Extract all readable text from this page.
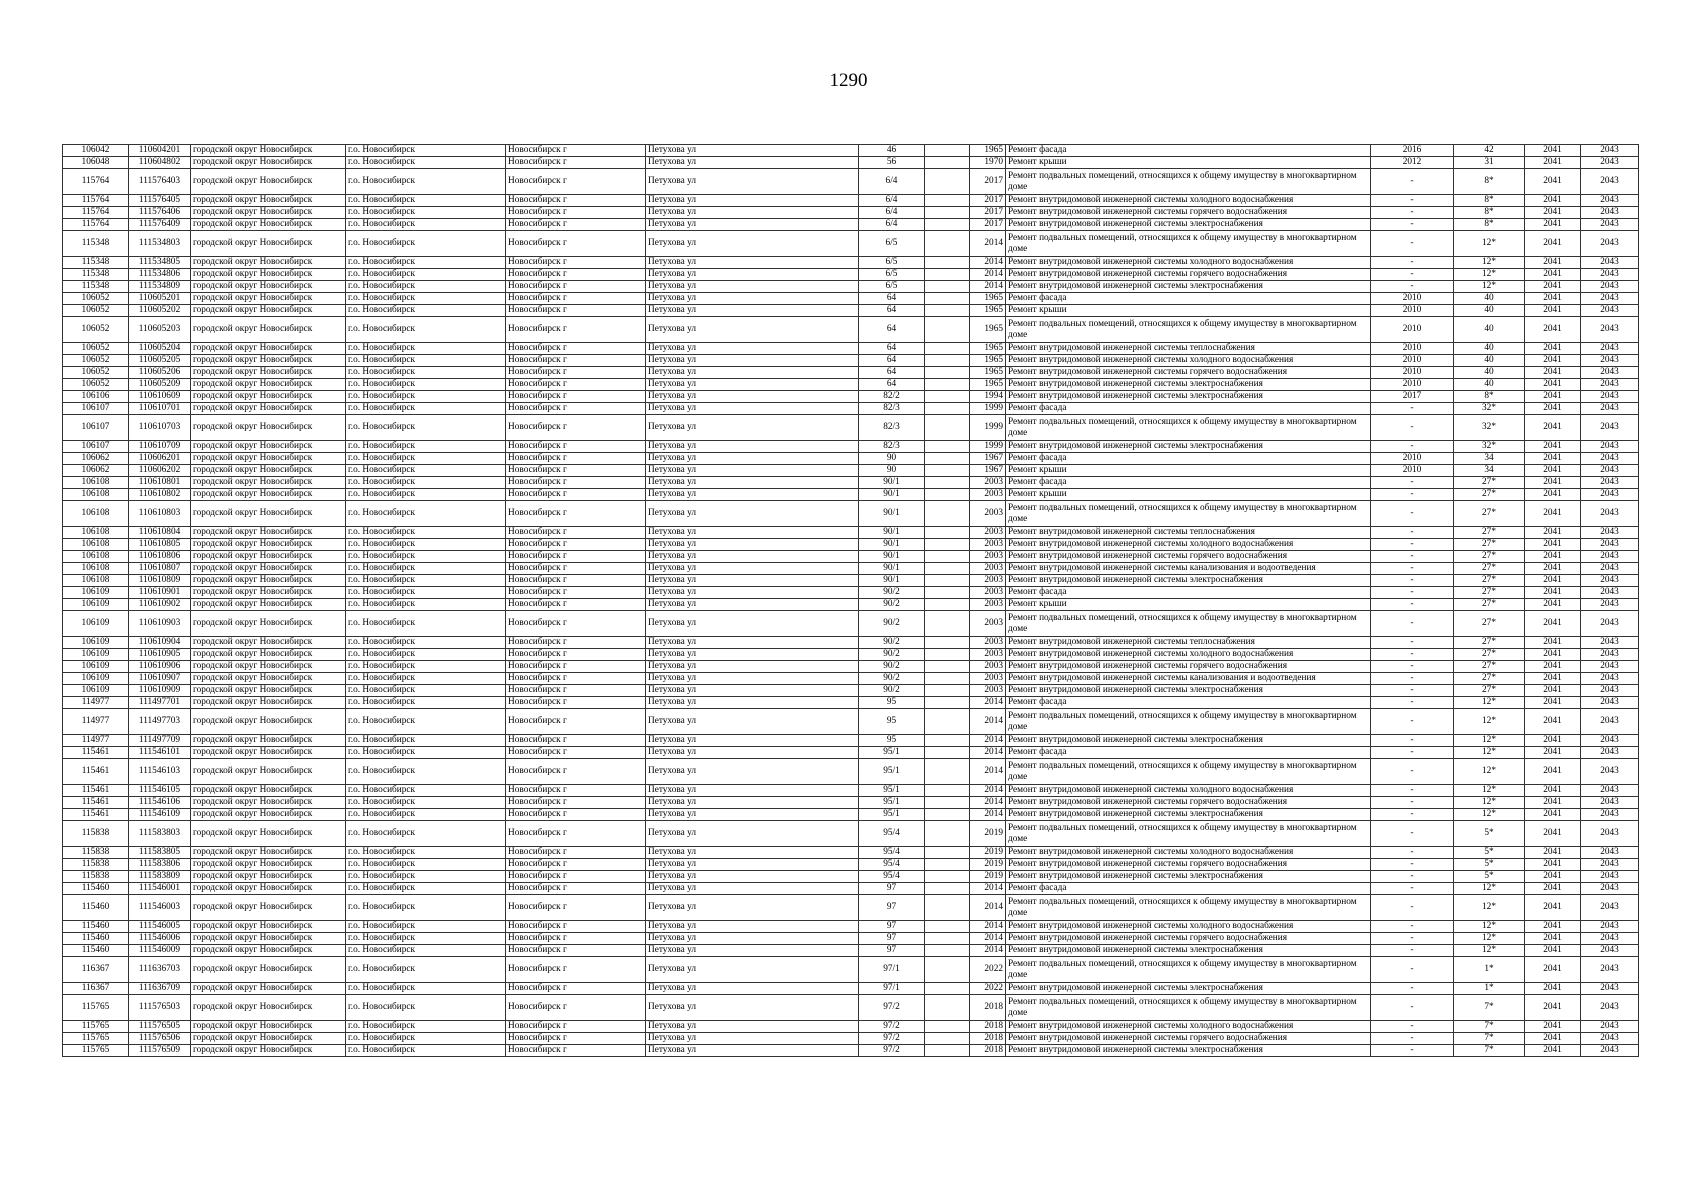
1290
106042	110604201	городской округ Новосибирск	г.о. Новосибирск	Новосибирск г	Петухова ул	46		1965	Ремонт фасада	2016	42	2041	2043
106048	110604802	городской округ Новосибирск	г.о. Новосибирск	Новосибирск г	Петухова ул	56		1970	Ремонт крыши	2012	31	2041	2043
115764	111576403	городской округ Новосибирск	г.о. Новосибирск	Новосибирск г	Петухова ул	6/4		2017	Ремонт подвальных помещений, относящихся к общему имуществу в многоквартирном доме	-	8*	2041	2043
115764	111576405	городской округ Новосибирск	г.о. Новосибирск	Новосибирск г	Петухова ул	6/4		2017	Ремонт внутридомовой инженерной системы холодного водоснабжения	-	8*	2041	2043
115764	111576406	городской округ Новосибирск	г.о. Новосибирск	Новосибирск г	Петухова ул	6/4		2017	Ремонт внутридомовой инженерной системы горячего водоснабжения	-	8*	2041	2043
115764	111576409	городской округ Новосибирск	г.о. Новосибирск	Новосибирск г	Петухова ул	6/4		2017	Ремонт внутридомовой инженерной системы электроснабжения	-	8*	2041	2043
115348	111534803	городской округ Новосибирск	г.о. Новосибирск	Новосибирск г	Петухова ул	6/5		2014	Ремонт подвальных помещений, относящихся к общему имуществу в многоквартирном доме	-	12*	2041	2043
115348	111534805	городской округ Новосибирск	г.о. Новосибирск	Новосибирск г	Петухова ул	6/5		2014	Ремонт внутридомовой инженерной системы холодного водоснабжения	-	12*	2041	2043
115348	111534806	городской округ Новосибирск	г.о. Новосибирск	Новосибирск г	Петухова ул	6/5		2014	Ремонт внутридомовой инженерной системы горячего водоснабжения	-	12*	2041	2043
115348	111534809	городской округ Новосибирск	г.о. Новосибирск	Новосибирск г	Петухова ул	6/5		2014	Ремонт внутридомовой инженерной системы электроснабжения	-	12*	2041	2043
106052	110605201	городской округ Новосибирск	г.о. Новосибирск	Новосибирск г	Петухова ул	64		1965	Ремонт фасада	2010	40	2041	2043
106052	110605202	городской округ Новосибирск	г.о. Новосибирск	Новосибирск г	Петухова ул	64		1965	Ремонт крыши	2010	40	2041	2043
106052	110605203	городской округ Новосибирск	г.о. Новосибирск	Новосибирск г	Петухова ул	64		1965	Ремонт подвальных помещений, относящихся к общему имуществу в многоквартирном доме	2010	40	2041	2043
106052	110605204	городской округ Новосибирск	г.о. Новосибирск	Новосибирск г	Петухова ул	64		1965	Ремонт внутридомовой инженерной системы теплоснабжения	2010	40	2041	2043
106052	110605205	городской округ Новосибирск	г.о. Новосибирск	Новосибирск г	Петухова ул	64		1965	Ремонт внутридомовой инженерной системы холодного водоснабжения	2010	40	2041	2043
106052	110605206	городской округ Новосибирск	г.о. Новосибирск	Новосибирск г	Петухова ул	64		1965	Ремонт внутридомовой инженерной системы горячего водоснабжения	2010	40	2041	2043
106052	110605209	городской округ Новосибирск	г.о. Новосибирск	Новосибирск г	Петухова ул	64		1965	Ремонт внутридомовой инженерной системы электроснабжения	2010	40	2041	2043
106106	110610609	городской округ Новосибирск	г.о. Новосибирск	Новосибирск г	Петухова ул	82/2		1994	Ремонт внутридомовой инженерной системы электроснабжения	2017	8*	2041	2043
106107	110610701	городской округ Новосибирск	г.о. Новосибирск	Новосибирск г	Петухова ул	82/3		1999	Ремонт фасада	-	32*	2041	2043
106107	110610703	городской округ Новосибирск	г.о. Новосибирск	Новосибирск г	Петухова ул	82/3		1999	Ремонт подвальных помещений, относящихся к общему имуществу в многоквартирном доме	-	32*	2041	2043
106107	110610709	городской округ Новосибирск	г.о. Новосибирск	Новосибирск г	Петухова ул	82/3		1999	Ремонт внутридомовой инженерной системы электроснабжения	-	32*	2041	2043
106062	110606201	городской округ Новосибирск	г.о. Новосибирск	Новосибирск г	Петухова ул	90		1967	Ремонт фасада	2010	34	2041	2043
106062	110606202	городской округ Новосибирск	г.о. Новосибирск	Новосибирск г	Петухова ул	90		1967	Ремонт крыши	2010	34	2041	2043
106108	110610801	городской округ Новосибирск	г.о. Новосибирск	Новосибирск г	Петухова ул	90/1		2003	Ремонт фасада	-	27*	2041	2043
106108	110610802	городской округ Новосибирск	г.о. Новосибирск	Новосибирск г	Петухова ул	90/1		2003	Ремонт крыши	-	27*	2041	2043
106108	110610803	городской округ Новосибирск	г.о. Новосибирск	Новосибирск г	Петухова ул	90/1		2003	Ремонт подвальных помещений, относящихся к общему имуществу в многоквартирном доме	-	27*	2041	2043
106108	110610804	городской округ Новосибирск	г.о. Новосибирск	Новосибирск г	Петухова ул	90/1		2003	Ремонт внутридомовой инженерной системы теплоснабжения	-	27*	2041	2043
106108	110610805	городской округ Новосибирск	г.о. Новосибирск	Новосибирск г	Петухова ул	90/1		2003	Ремонт внутридомовой инженерной системы холодного водоснабжения	-	27*	2041	2043
106108	110610806	городской округ Новосибирск	г.о. Новосибирск	Новосибирск г	Петухова ул	90/1		2003	Ремонт внутридомовой инженерной системы горячего водоснабжения	-	27*	2041	2043
106108	110610807	городской округ Новосибирск	г.о. Новосибирск	Новосибирск г	Петухова ул	90/1		2003	Ремонт внутридомовой инженерной системы канализования и водоотведения	-	27*	2041	2043
106108	110610809	городской округ Новосибирск	г.о. Новосибирск	Новосибирск г	Петухова ул	90/1		2003	Ремонт внутридомовой инженерной системы электроснабжения	-	27*	2041	2043
106109	110610901	городской округ Новосибирск	г.о. Новосибирск	Новосибирск г	Петухова ул	90/2		2003	Ремонт фасада	-	27*	2041	2043
106109	110610902	городской округ Новосибирск	г.о. Новосибирск	Новосибирск г	Петухова ул	90/2		2003	Ремонт крыши	-	27*	2041	2043
106109	110610903	городской округ Новосибирск	г.о. Новосибирск	Новосибирск г	Петухова ул	90/2		2003	Ремонт подвальных помещений, относящихся к общему имуществу в многоквартирном доме	-	27*	2041	2043
106109	110610904	городской округ Новосибирск	г.о. Новосибирск	Новосибирск г	Петухова ул	90/2		2003	Ремонт внутридомовой инженерной системы теплоснабжения	-	27*	2041	2043
106109	110610905	городской округ Новосибирск	г.о. Новосибирск	Новосибирск г	Петухова ул	90/2		2003	Ремонт внутридомовой инженерной системы холодного водоснабжения	-	27*	2041	2043
106109	110610906	городской округ Новосибирск	г.о. Новосибирск	Новосибирск г	Петухова ул	90/2		2003	Ремонт внутридомовой инженерной системы горячего водоснабжения	-	27*	2041	2043
106109	110610907	городской округ Новосибирск	г.о. Новосибирск	Новосибирск г	Петухова ул	90/2		2003	Ремонт внутридомовой инженерной системы канализования и водоотведения	-	27*	2041	2043
106109	110610909	городской округ Новосибирск	г.о. Новосибирск	Новосибирск г	Петухова ул	90/2		2003	Ремонт внутридомовой инженерной системы электроснабжения	-	27*	2041	2043
114977	111497701	городской округ Новосибирск	г.о. Новосибирск	Новосибирск г	Петухова ул	95		2014	Ремонт фасада	-	12*	2041	2043
114977	111497703	городской округ Новосибирск	г.о. Новосибирск	Новосибирск г	Петухова ул	95		2014	Ремонт подвальных помещений, относящихся к общему имуществу в многоквартирном доме	-	12*	2041	2043
114977	111497709	городской округ Новосибирск	г.о. Новосибирск	Новосибирск г	Петухова ул	95		2014	Ремонт внутридомовой инженерной системы электроснабжения	-	12*	2041	2043
115461	111546101	городской округ Новосибирск	г.о. Новосибирск	Новосибирск г	Петухова ул	95/1		2014	Ремонт фасада	-	12*	2041	2043
115461	111546103	городской округ Новосибирск	г.о. Новосибирск	Новосибирск г	Петухова ул	95/1		2014	Ремонт подвальных помещений, относящихся к общему имуществу в многоквартирном доме	-	12*	2041	2043
115461	111546105	городской округ Новосибирск	г.о. Новосибирск	Новосибирск г	Петухова ул	95/1		2014	Ремонт внутридомовой инженерной системы холодного водоснабжения	-	12*	2041	2043
115461	111546106	городской округ Новосибирск	г.о. Новосибирск	Новосибирск г	Петухова ул	95/1		2014	Ремонт внутридомовой инженерной системы горячего водоснабжения	-	12*	2041	2043
115461	111546109	городской округ Новосибирск	г.о. Новосибирск	Новосибирск г	Петухова ул	95/1		2014	Ремонт внутридомовой инженерной системы электроснабжения	-	12*	2041	2043
115838	111583803	городской округ Новосибирск	г.о. Новосибирск	Новосибирск г	Петухова ул	95/4		2019	Ремонт подвальных помещений, относящихся к общему имуществу в многоквартирном доме	-	5*	2041	2043
115838	111583805	городской округ Новосибирск	г.о. Новосибирск	Новосибирск г	Петухова ул	95/4		2019	Ремонт внутридомовой инженерной системы холодного водоснабжения	-	5*	2041	2043
115838	111583806	городской округ Новосибирск	г.о. Новосибирск	Новосибирск г	Петухова ул	95/4		2019	Ремонт внутридомовой инженерной системы горячего водоснабжения	-	5*	2041	2043
115838	111583809	городской округ Новосибирск	г.о. Новосибирск	Новосибирск г	Петухова ул	95/4		2019	Ремонт внутридомовой инженерной системы электроснабжения	-	5*	2041	2043
115460	111546001	городской округ Новосибирск	г.о. Новосибирск	Новосибирск г	Петухова ул	97		2014	Ремонт фасада	-	12*	2041	2043
115460	111546003	городской округ Новосибирск	г.о. Новосибирск	Новосибирск г	Петухова ул	97		2014	Ремонт подвальных помещений, относящихся к общему имуществу в многоквартирном доме	-	12*	2041	2043
115460	111546005	городской округ Новосибирск	г.о. Новосибирск	Новосибирск г	Петухова ул	97		2014	Ремонт внутридомовой инженерной системы холодного водоснабжения	-	12*	2041	2043
115460	111546006	городской округ Новосибирск	г.о. Новосибирск	Новосибирск г	Петухова ул	97		2014	Ремонт внутридомовой инженерной системы горячего водоснабжения	-	12*	2041	2043
115460	111546009	городской округ Новосибирск	г.о. Новосибирск	Новосибирск г	Петухова ул	97		2014	Ремонт внутридомовой инженерной системы электроснабжения	-	12*	2041	2043
116367	111636703	городской округ Новосибирск	г.о. Новосибирск	Новосибирск г	Петухова ул	97/1		2022	Ремонт подвальных помещений, относящихся к общему имуществу в многоквартирном доме	-	1*	2041	2043
116367	111636709	городской округ Новосибирск	г.о. Новосибирск	Новосибирск г	Петухова ул	97/1		2022	Ремонт внутридомовой инженерной системы электроснабжения	-	1*	2041	2043
115765	111576503	городской округ Новосибирск	г.о. Новосибирск	Новосибирск г	Петухова ул	97/2		2018	Ремонт подвальных помещений, относящихся к общему имуществу в многоквартирном доме	-	7*	2041	2043
115765	111576505	городской округ Новосибирск	г.о. Новосибирск	Новосибирск г	Петухова ул	97/2		2018	Ремонт внутридомовой инженерной системы холодного водоснабжения	-	7*	2041	2043
115765	111576506	городской округ Новосибирск	г.о. Новосибирск	Новосибирск г	Петухова ул	97/2		2018	Ремонт внутридомовой инженерной системы горячего водоснабжения	-	7*	2041	2043
115765	111576509	городской округ Новосибирск	г.о. Новосибирск	Новосибирск г	Петухова ул	97/2		2018	Ремонт внутридомовой инженерной системы электроснабжения	-	7*	2041	2043
